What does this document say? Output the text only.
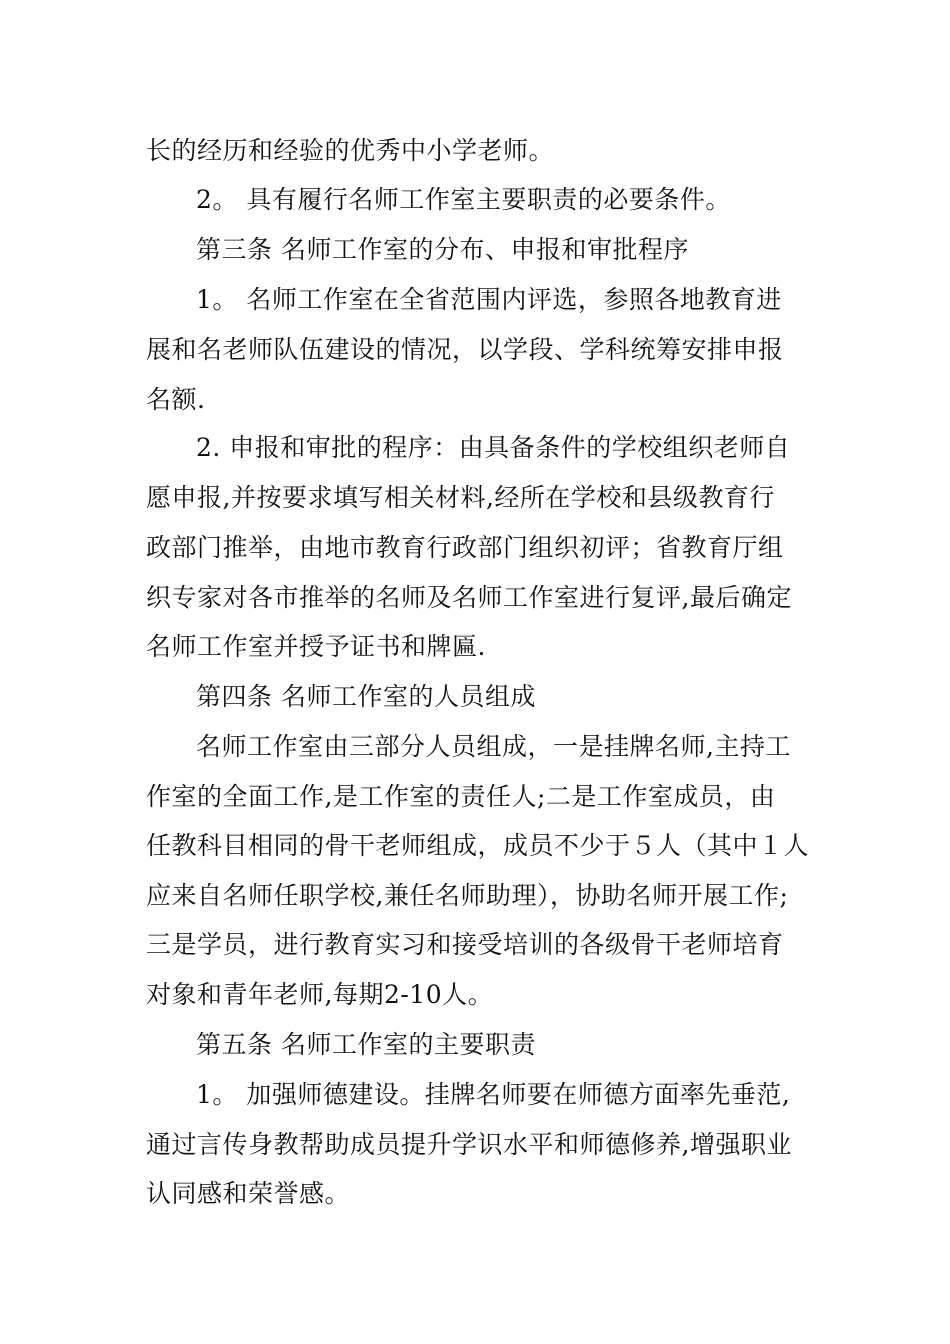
长的经历和经验的优秀中小学老师。
2。 具有履行名师工作室主要职责的必要条件。
第三条 名师工作室的分布、申报和审批程序
1。 名师工作室在全省范围内评选，参照各地教育进
展和名老师队伍建设的情况，以学段、学科统筹安排申报
名额.
2. 申报和审批的程序：由具备条件的学校组织老师自
愿申报,并按要求填写相关材料,经所在学校和县级教育行
政部门推举，由地市教育行政部门组织初评；省教育厅组
织专家对各市推举的名师及名师工作室进行复评,最后确定
名师工作室并授予证书和牌匾.
第四条 名师工作室的人员组成
名师工作室由三部分人员组成，一是挂牌名师,主持工
作室的全面工作,是工作室的责任人;二是工作室成员，由
任教科目相同的骨干老师组成，成员不少于５人（其中１人
应来自名师任职学校,兼任名师助理），协助名师开展工作;
三是学员，进行教育实习和接受培训的各级骨干老师培育
对象和青年老师,每期2-10人。
第五条 名师工作室的主要职责
1。 加强师德建设。挂牌名师要在师德方面率先垂范,
通过言传身教帮助成员提升学识水平和师德修养,增强职业
认同感和荣誉感。
